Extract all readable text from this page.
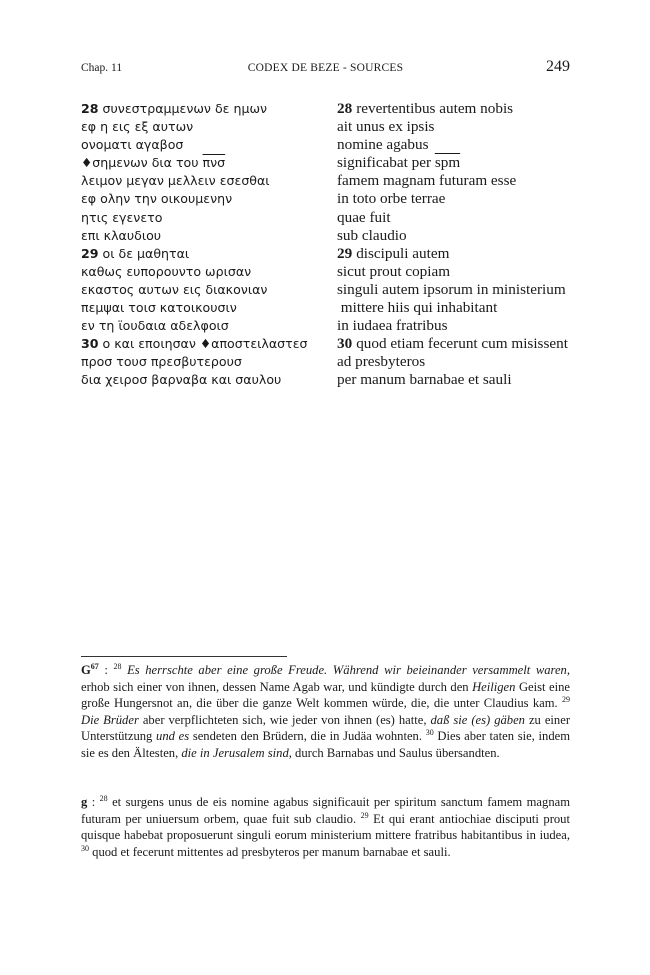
Chap. 11	CODEX DE BEZE - SOURCES	249
28 συνεστραμμενων δε ημων
εφ η εις εξ αυτων
ονοματι αγαβοσ
♦σημενων δια του $\overline{\pi\nu\sigma}$
λειμον μεγαν μελλειν εσεσθαι
εφ ολην την οικουμενην
ητις εγενετο
επι κλαυδιου
29 οι δε μαθηται
καθως ευπορουντο ωρισαν
εκαστος αυτων εις διακονιαν
πεμψαι τοισ κατοικουσιν
εν τη ϊουδαια αδελφοισ
30 ο και εποιησαν ♦αποστειλαστεσ
προσ τουσ πρεσβυτερουσ
δια χειροσ βαρναβα και σαυλου
28 revertentibus autem nobis
ait unus ex ipsis
nomine agabus
significabat per $\overline{spm}$
famem magnam futuram esse
in toto orbe terrae
quae fuit
sub claudio
29 discipuli autem
sicut prout copiam
singuli autem ipsorum in ministerium
mittere hiis qui inhabitant
in iudaea fratribus
30 quod etiam fecerunt cum misissent
ad presbyteros
per manum barnabae et sauli
$G^{67}$ : $^{28}$ Es herrschte aber eine große Freude. Während wir beieinander versammelt waren, erhob sich einer von ihnen, dessen Name Agab war, und kündigte durch den Heiligen Geist eine große Hungersnot an, die über die ganze Welt kommen würde, die, die unter Claudius kam. $^{29}$ Die Brüder aber verpflichteten sich, wie jeder von ihnen (es) hatte, daß sie (es) gäben zu einer Unterstützung und es sendeten den Brüdern, die in Judäa wohnten. $^{30}$ Dies aber taten sie, indem sie es den Ältesten, die in Jerusalem sind, durch Barnabas und Saulus übersandten.
g : $^{28}$ et surgens unus de eis nomine agabus significauit per spiritum sanctum famem magnam futuram per uniuersum orbem, quae fuit sub claudio. $^{29}$ Et qui erant antiochiae disciputi prout quisque habebat proposuerunt singuli eorum ministerium mittere fratribus habitantibus in iudea, $^{30}$ quod et fecerunt mittentes ad presbyteros per manum barnabae et sauli.
